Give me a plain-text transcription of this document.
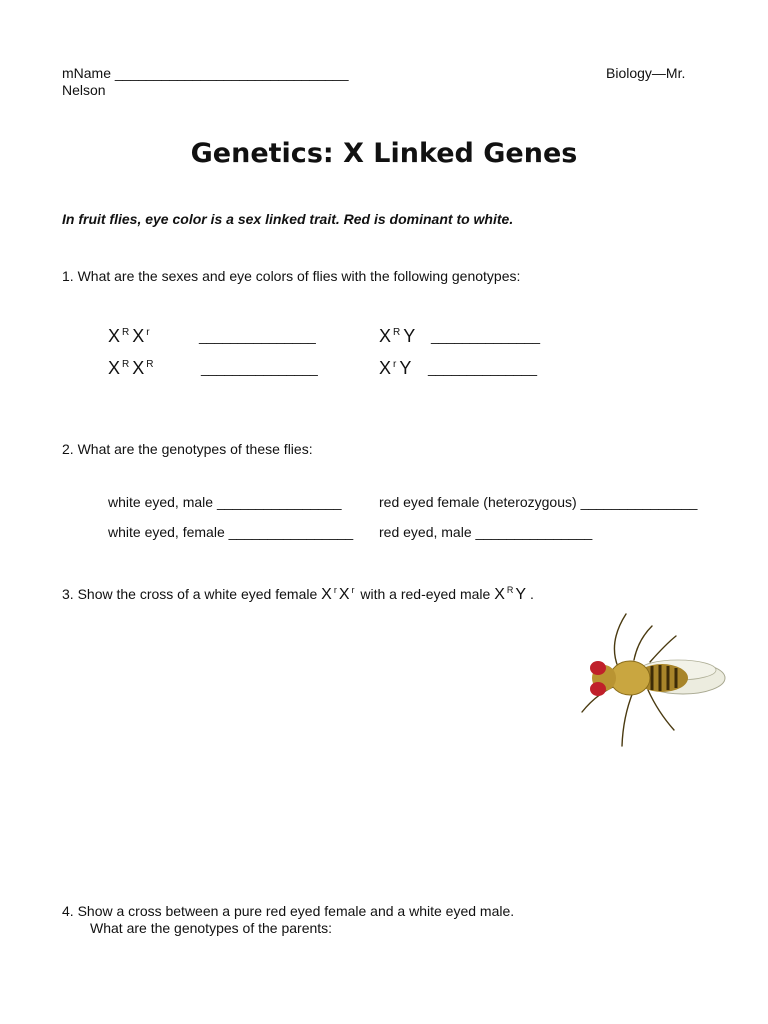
mName ______________________________	Biology—Mr.
Nelson
Genetics: X Linked Genes
In fruit flies, eye color is a sex linked trait. Red is dominant to white.
1. What are the sexes and eye colors of flies with the following genotypes:
X $^R$ X $^r$	_______________	X $^R$ Y ______________
X $^R$ X $^R$	_______________	X $^r$ Y ______________
2. What are the genotypes of these flies:
white eyed, male ________________	red eyed female (heterozygous) _______________
white eyed, female ________________ red eyed, male _______________
3. Show the cross of a white eyed female X $^r$ X $^r$ with a red-eyed male X $^R$ Y .
4. Show a cross between a pure red eyed female and a white eyed male.
What are the genotypes of the parents:
